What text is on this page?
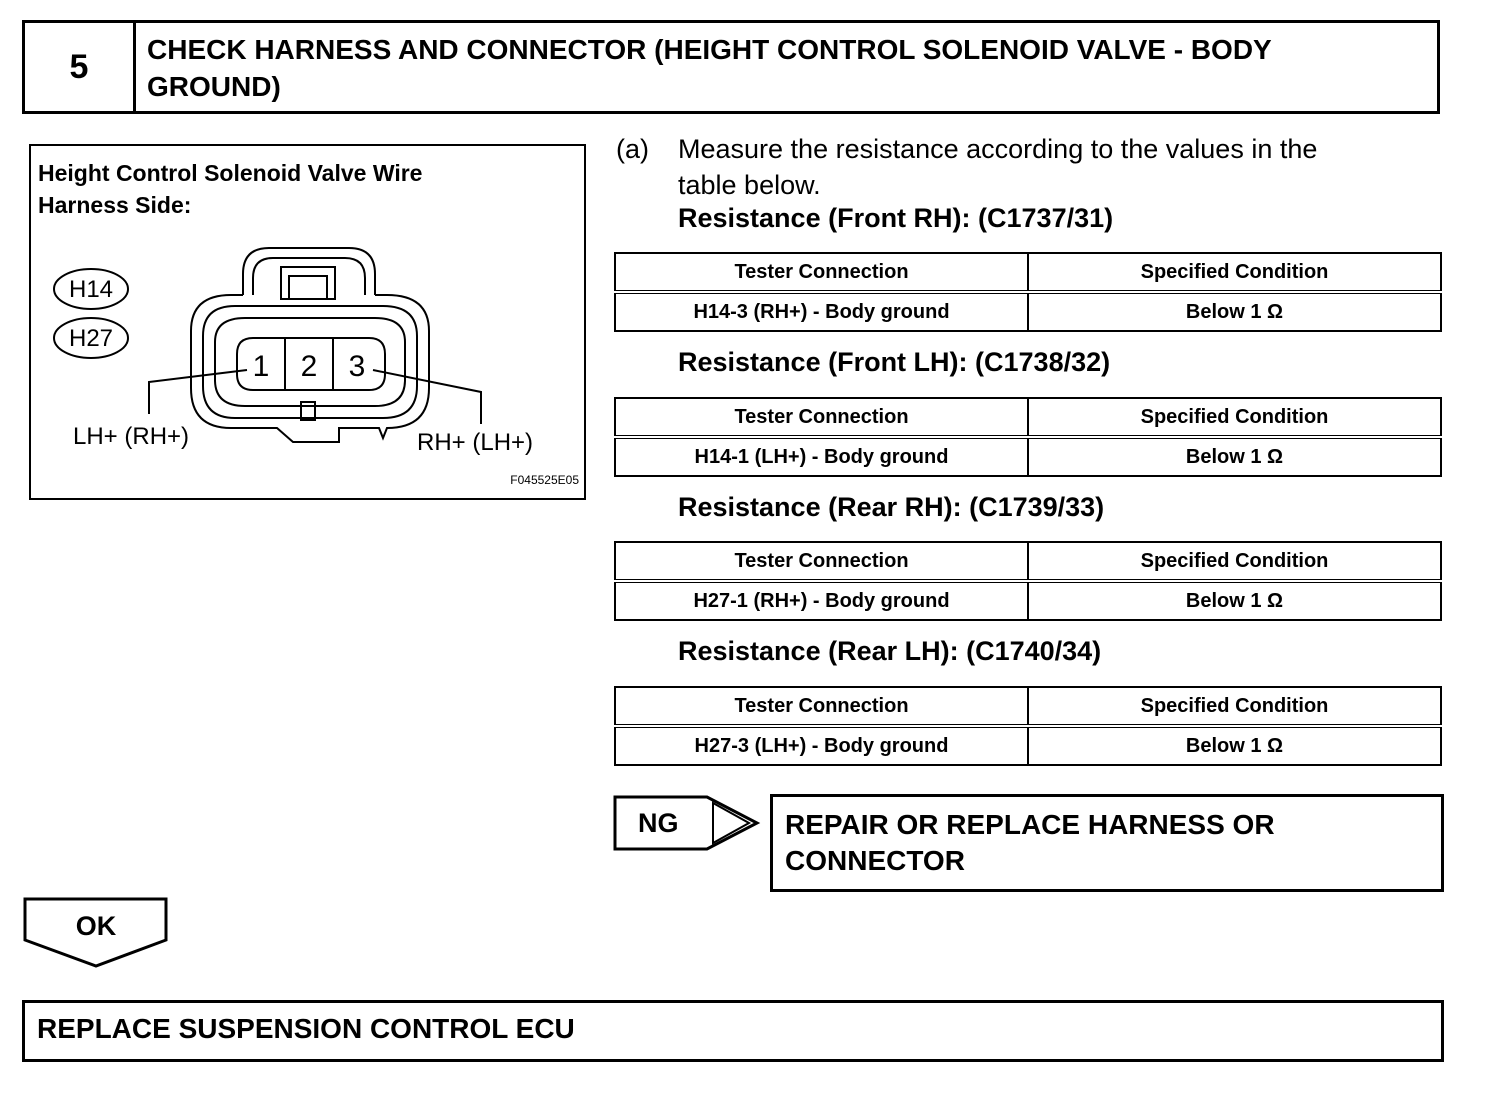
5	CHECK HARNESS AND CONNECTOR (HEIGHT CONTROL SOLENOID VALVE - BODY
GROUND)
Height Control Solenoid Valve Wire
Harness Side:
H14
H27
1 2 3
LH+ (RH+)	RH+ (LH+)
F045525E05
(a) Measure the resistance according to the values in the
table below.
Resistance (Front RH): (C1737/31)
Tester Connection	Specified Condition
H14-3 (RH+) - Body ground	Below 1 Ω
Resistance (Front LH): (C1738/32)
Tester Connection	Specified Condition
H14-1 (LH+) - Body ground	Below 1 Ω
Resistance (Rear RH): (C1739/33)
Tester Connection	Specified Condition
H27-1 (RH+) - Body ground	Below 1 Ω
Resistance (Rear LH): (C1740/34)
Tester Connection	Specified Condition
H27-3 (LH+) - Body ground	Below 1 Ω
NG	REPAIR OR REPLACE HARNESS OR
CONNECTOR
OK
REPLACE SUSPENSION CONTROL ECU
